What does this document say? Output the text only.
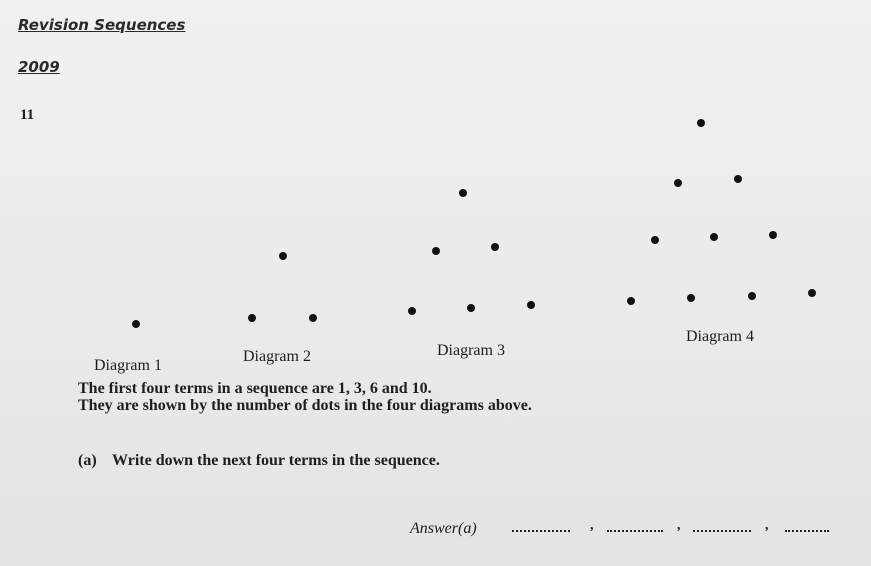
Revision Sequences
2009
11
Diagram 1
Diagram 2	Diagram 3
Diagram 4
The first four terms in a sequence are 1, 3, 6 and 10.
They are shown by the number of dots in the four diagrams above.
(a) Write down the next four terms in the sequence.
Answer(a)	,	,	,
